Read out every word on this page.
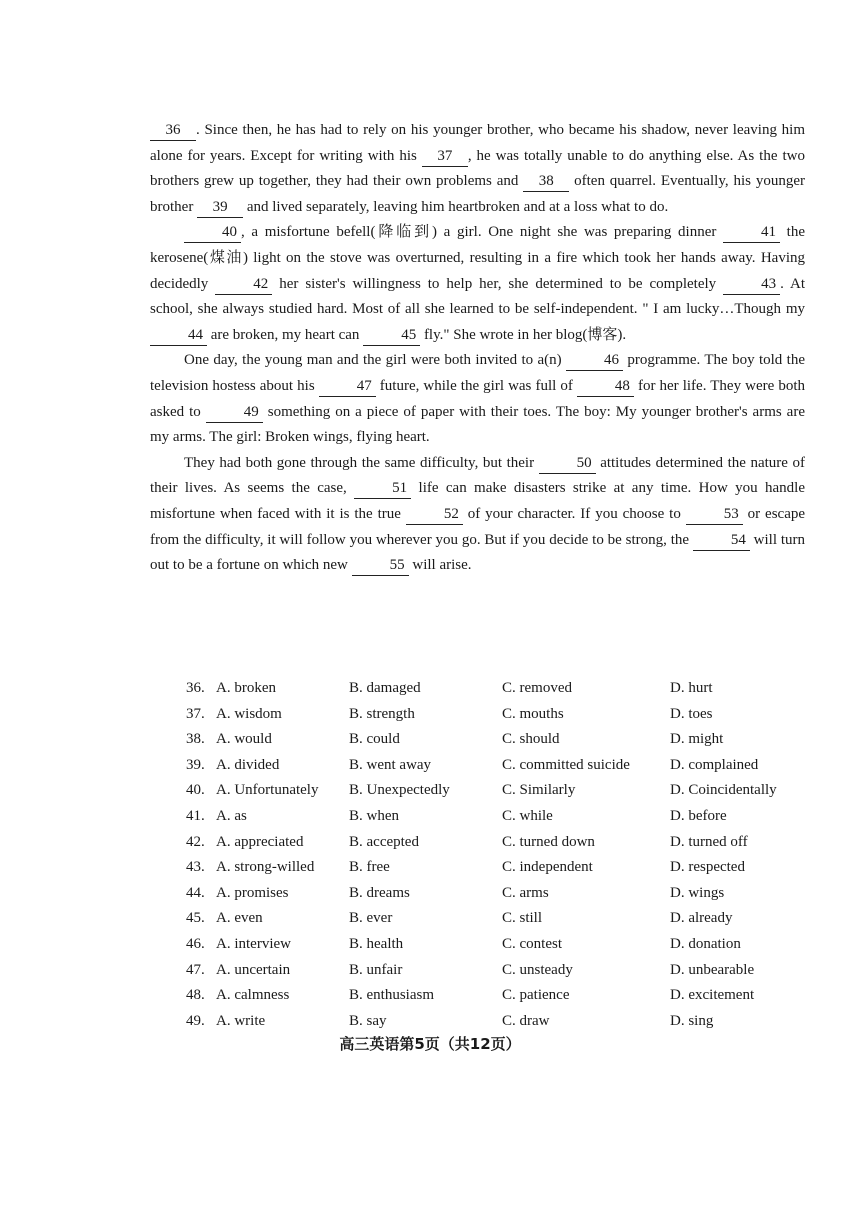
36 . Since then, he has had to rely on his younger brother, who became his shadow, never leaving him alone for years. Except for writing with his 37 , he was totally unable to do anything else. As the two brothers grew up together, they had their own problems and 38 often quarrel. Eventually, his younger brother 39 and lived separately, leaving him heartbroken and at a loss what to do.

40 , a misfortune befell(降临到) a girl. One night she was preparing dinner	41 the kerosene(煤油) light on the stove was overturned, resulting in a fire which took her hands away. Having decidedly	42 her sister's willingness to help her, she determined to be completely	43 . At school, she always studied hard. Most of all she learned to be self-independent. " I am lucky…Though my 44 are broken, my heart can	45 fly." She wrote in her blog(博客).

One day, the young man and the girl were both invited to a(n)	46 programme. The boy told the television hostess about his	47 future, while the girl was full of	48 for her life. They were both asked to	49 something on a piece of paper with their toes. The boy: My younger brother's arms are my arms. The girl: Broken wings, flying heart.

They had both gone through the same difficulty, but their	50 attitudes determined the nature of their lives. As seems the case,	51 life can make disasters strike at any time. How you handle misfortune when faced with it is the true	52 of your character. If you choose to	53 or escape from the difficulty, it will follow you wherever you go. But if you decide to be strong, the	54 will turn out to be a fortune on which new	55 will arise.

36. A. broken	B. damaged	C. removed	D. hurt
37. A. wisdom	B. strength	C. mouths	D. toes
38. A. would	B. could	C. should	D. might
39. A. divided	B. went away	C. committed suicide	D. complained
40. A. Unfortunately	B. Unexpectedly	C. Similarly	D. Coincidentally
41. A. as	B. when	C. while	D. before
42. A. appreciated	B. accepted	C. turned down	D. turned off
43. A. strong-willed	B. free	C. independent	D. respected
44. A. promises	B. dreams	C. arms	D. wings
45. A. even	B. ever	C. still	D. already
46. A. interview	B. health	C. contest	D. donation
47. A. uncertain	B. unfair	C. unsteady	D. unbearable
48. A. calmness	B. enthusiasm	C. patience	D. excitement
49. A. write	B. say	C. draw	D. sing
高三英语第5页（共12页）
